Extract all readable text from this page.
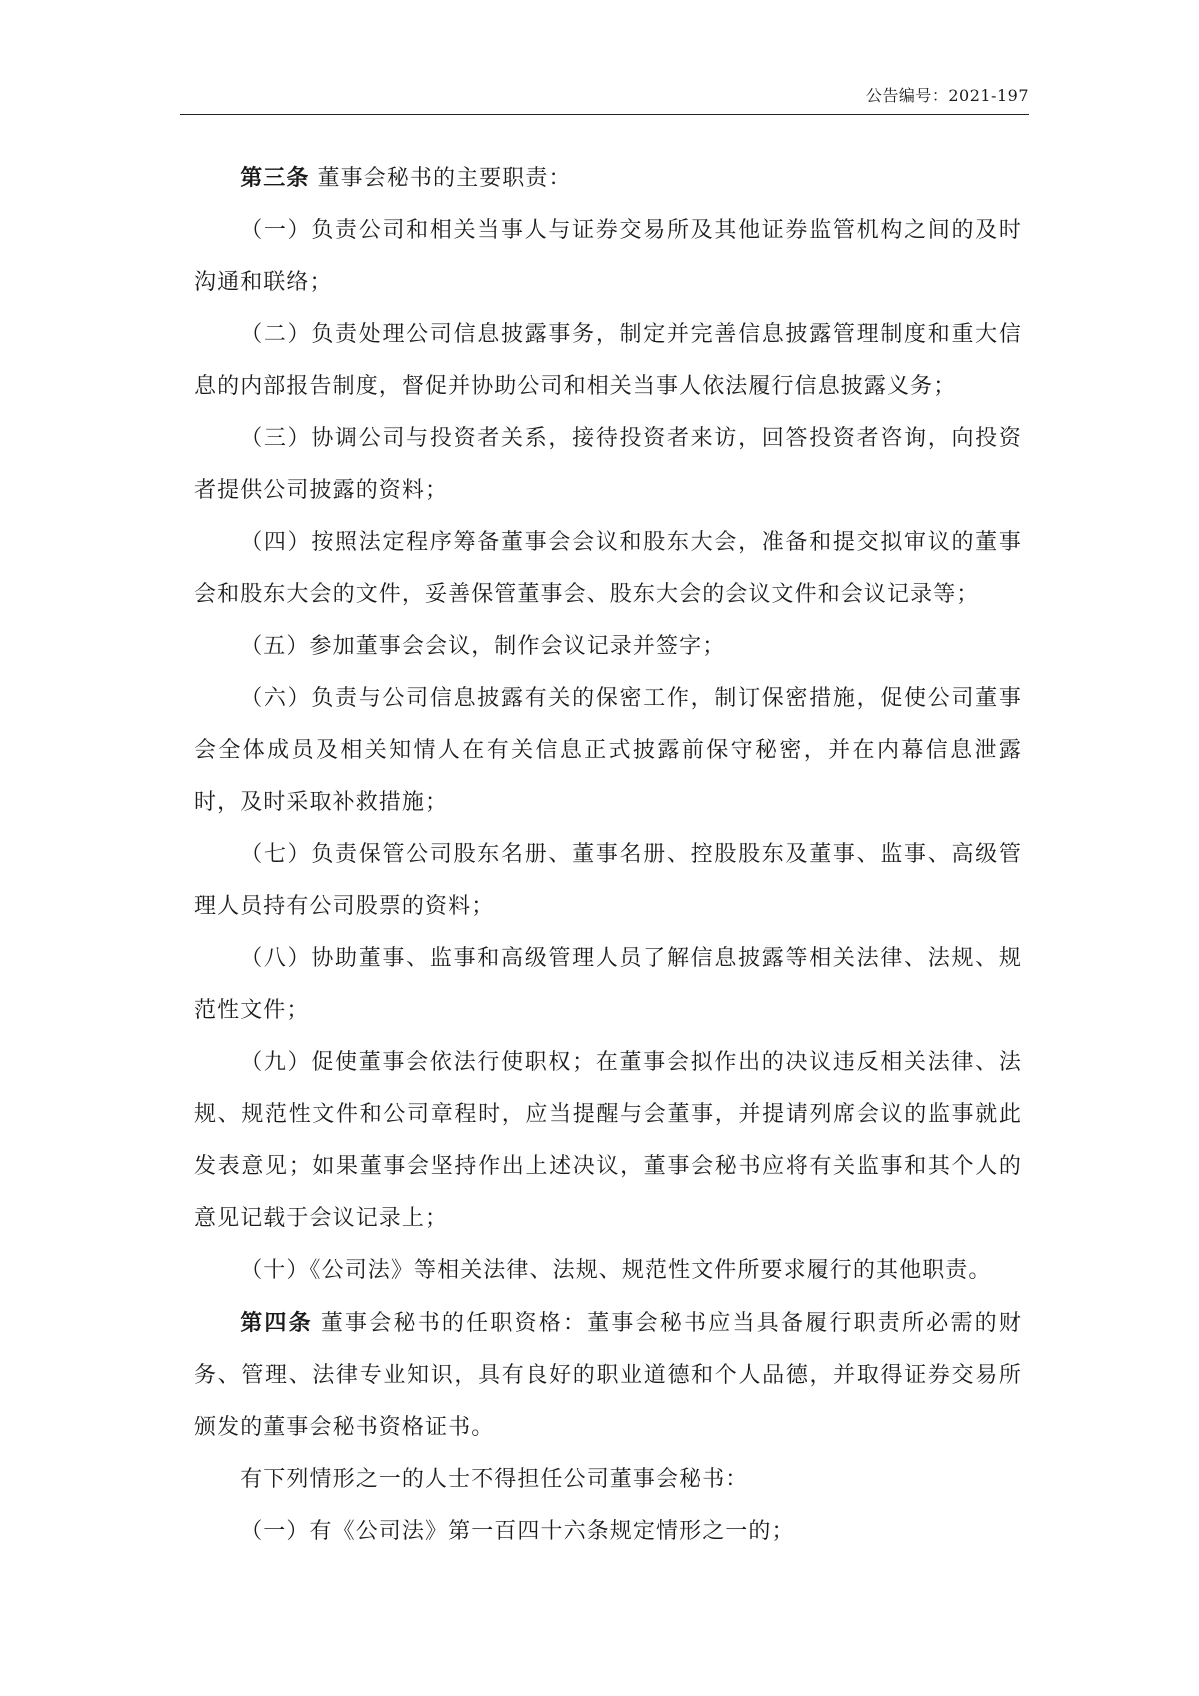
公告编号：2021-197

第三条 董事会秘书的主要职责：

（一）负责公司和相关当事人与证券交易所及其他证券监管机构之间的及时沟通和联络；

（二）负责处理公司信息披露事务，制定并完善信息披露管理制度和重大信息的内部报告制度，督促并协助公司和相关当事人依法履行信息披露义务；

（三）协调公司与投资者关系，接待投资者来访，回答投资者咨询，向投资者提供公司披露的资料；

（四）按照法定程序筹备董事会会议和股东大会，准备和提交拟审议的董事会和股东大会的文件，妥善保管董事会、股东大会的会议文件和会议记录等；

（五）参加董事会会议，制作会议记录并签字；

（六）负责与公司信息披露有关的保密工作，制订保密措施，促使公司董事会全体成员及相关知情人在有关信息正式披露前保守秘密，并在内幕信息泄露时，及时采取补救措施；

（七）负责保管公司股东名册、董事名册、控股股东及董事、监事、高级管理人员持有公司股票的资料；

（八）协助董事、监事和高级管理人员了解信息披露等相关法律、法规、规范性文件；

（九）促使董事会依法行使职权；在董事会拟作出的决议违反相关法律、法规、规范性文件和公司章程时，应当提醒与会董事，并提请列席会议的监事就此发表意见；如果董事会坚持作出上述决议，董事会秘书应将有关监事和其个人的意见记载于会议记录上；

（十）《公司法》等相关法律、法规、规范性文件所要求履行的其他职责。

第四条 董事会秘书的任职资格：董事会秘书应当具备履行职责所必需的财务、管理、法律专业知识，具有良好的职业道德和个人品德，并取得证券交易所颁发的董事会秘书资格证书。

有下列情形之一的人士不得担任公司董事会秘书：

（一）有《公司法》第一百四十六条规定情形之一的；
